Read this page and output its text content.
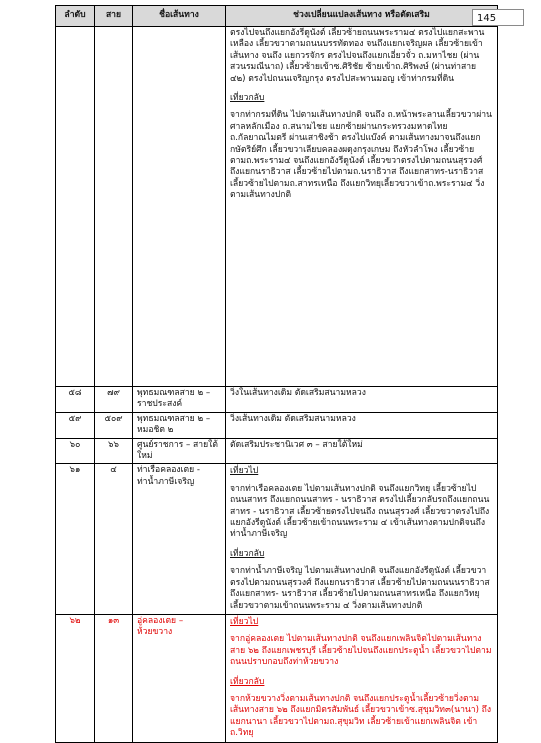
ลำดับ	สาย	ชื่อเส้นทาง	ช่วงเปลี่ยนแปลงเส้นทาง หรือตัดเสริม

			ตรงไปจนถึงแยกอังรีดูนังต์ เลี้ยวซ้ายถนนพระราม๔ ตรงไปแยกสะพานเหลือง เลี้ยวขวาตามถนนบรรทัดทอง จนถึงแยกเจริญผล เลี้ยวซ้ายเข้าเส้นทาง จนถึง แยกวรจักร ตรงไปจนถึงแยกเอี่ยวจั๋ว ถ.มหาไชย (ผ่านสวนรมณีนาถ) เลี้ยวซ้ายเข้าซ.ศิริชัย ซ้ายเข้าถ.ศิริพงษ์ (ผ่านท่าสาย ๔๒) ตรงไปถนนเจริญกรุง ตรงไปสะพานมอญ เข้าท่ากรมที่ดิน
เที่ยวกลับ
จากท่ากรมที่ดิน ไปตามเส้นทางปกติ จนถึง ถ.หน้าพระลานเลี้ยวขวาผ่านศาลหลักเมือง ถ.สนามไชย แยกซ้ายผ่านกระทรวงมหาดไทย ถ.กัลยาณไมตรี ผ่านเสาชิงช้า ตรงไปแบ๊งค์ ตามเส้นทางมาจนถึงแยกกษัตริย์ศึก เลี้ยวขวาเลียบคลองผดุงกรุงเกษม ถึงหัวลำโพง เลี้ยวซ้าย ตามถ.พระราม๔ จนถึงแยกอังรีดูนังต์ เลี้ยวขวาตรงไปตามถนนสุรวงศ์ ถึงแยกนราธิวาส เลี้ยวซ้ายไปตามถ.นราธิวาส ถึงแยกสาทร-นราธิวาส เลี้ยวซ้ายไปตามถ.สาทรเหนือ ถึงแยกวิทยุเลี้ยวขวาเข้าถ.พระราม๔ วิ่งตามเส้นทางปกติ

๕๘	๗๙	พุทธมณฑลสาย ๒ –ราชประสงค์	วิ่งในเส้นทางเดิม ตัดเสริมสนามหลวง
๕๙	๕๐๙	พุทธมณฑลสาย ๒ –หมอชิต ๒	วิ่งเส้นทางเดิม ตัดเสริมสนามหลวง
๖๐	๖๖	ศูนย์ราชการ – สายใต้ใหม่	ตัดเสริมประชานิเวศ ๓ – สายใต้ใหม่
๖๑	๔	ท่าเรือคลองเตย - ท่าน้ำภาษีเจริญ	เที่ยวไป
จากท่าเรือคลองเตย ไปตามเส้นทางปกติ จนถึงแยกวิทยุ เลี้ยวซ้ายไปถนนสาทร ถึงแยกถนนสาทร - นราธิวาส ตรงไปเลี้ยวกลับรถถึงแยกถนนสาทร - นราธิวาส เลี้ยวซ้ายตรงไปจนถึง ถนนสุรวงศ์ เลี้ยวขวาตรงไปถึงแยกอังรีดูนังต์ เลี้ยวซ้ายเข้าถนนพระราม ๔ เข้าเส้นทางตามปกติจนถึงท่าน้ำภาษีเจริญ
เที่ยวกลับ
จากท่าน้ำภาษีเจริญ ไปตามเส้นทางปกติ จนถึงแยกอังรีดูนังต์ เลี้ยวขวาตรงไปตามถนนสุรวงศ์ ถึงแยกนราธิวาส เลี้ยวซ้ายไปตามถนนนราธิวาส ถึงแยกสาทร- นราธิวาส เลี้ยวซ้ายไปตามถนนสาทรเหนือ ถึงแยกวิทยุ เลี้ยวขวาตามเข้าถนนพระราม ๔ วิ่งตามเส้นทางปกติ

๖๒	๑๓	อู่คลองเตย – ห้วยขวาง	เที่ยวไป
จากอู่คลองเตย ไปตามเส้นทางปกติ จนถึงแยกเพลินจิตไปตามเส้นทางสาย ๖๒ ถึงแยกเพชรบุรี เลี้ยวซ้ายไปจนถึงแยกประตูน้ำ เลี้ยวขวาไปตามถนนปราบกอบถึงท่าห้วยขวาง
เที่ยวกลับ
จากห้วยขวางวิ่งตามเส้นทางปกติ จนถึงแยกประตูน้ำเลี้ยวซ้ายวิ่งตามเส้นทางสาย ๖๒ ถึงแยกมิตรสัมพันธ์ เลี้ยวขวาเข้าซ.สุขุมวิท๓(นานา) ถึงแยกนานา เลี้ยวขวาไปตามถ.สุขุมวิท เลี้ยวซ้ายเข้าแยกเพลินจิต เข้าถ.วิทยุ
145
